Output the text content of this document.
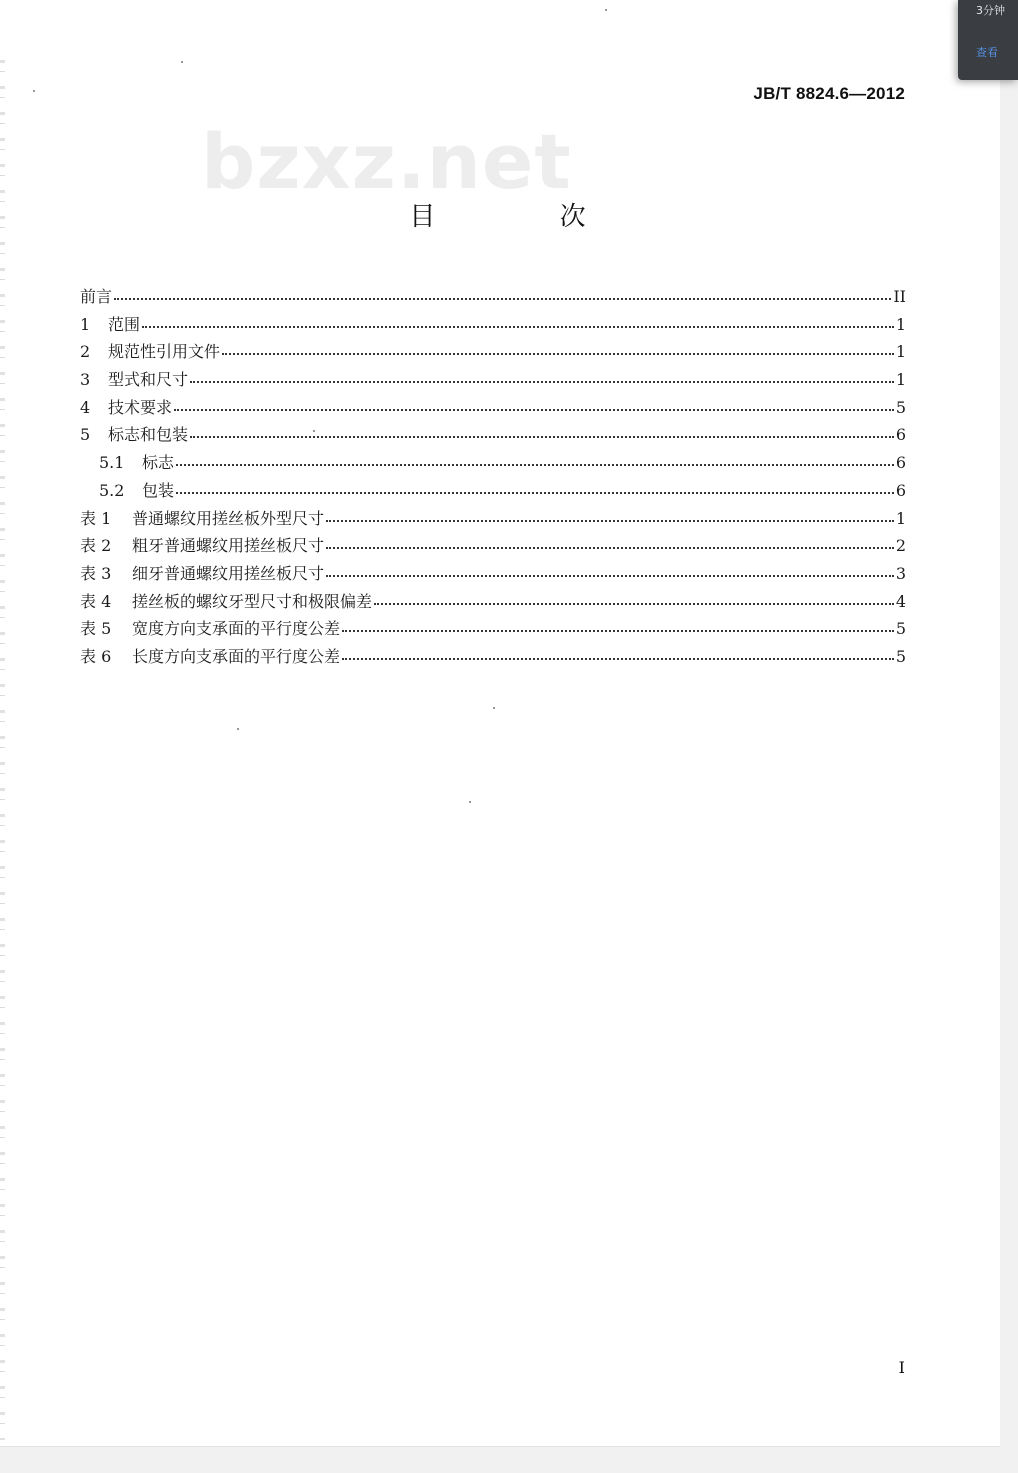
bzxz.net
JB/T 8824.6—2012
目 次
前言	II
1	范围	1
2	规范性引用文件	1
3	型式和尺寸	1
4	技术要求	5
5	标志和包装	6
5.1	标志	6
5.2	包装	6
表 1	普通螺纹用搓丝板外型尺寸	1
表 2	粗牙普通螺纹用搓丝板尺寸	2
表 3	细牙普通螺纹用搓丝板尺寸	3
表 4	搓丝板的螺纹牙型尺寸和极限偏差	4
表 5	宽度方向支承面的平行度公差	5
表 6	长度方向支承面的平行度公差	5
I
3分钟
查看
